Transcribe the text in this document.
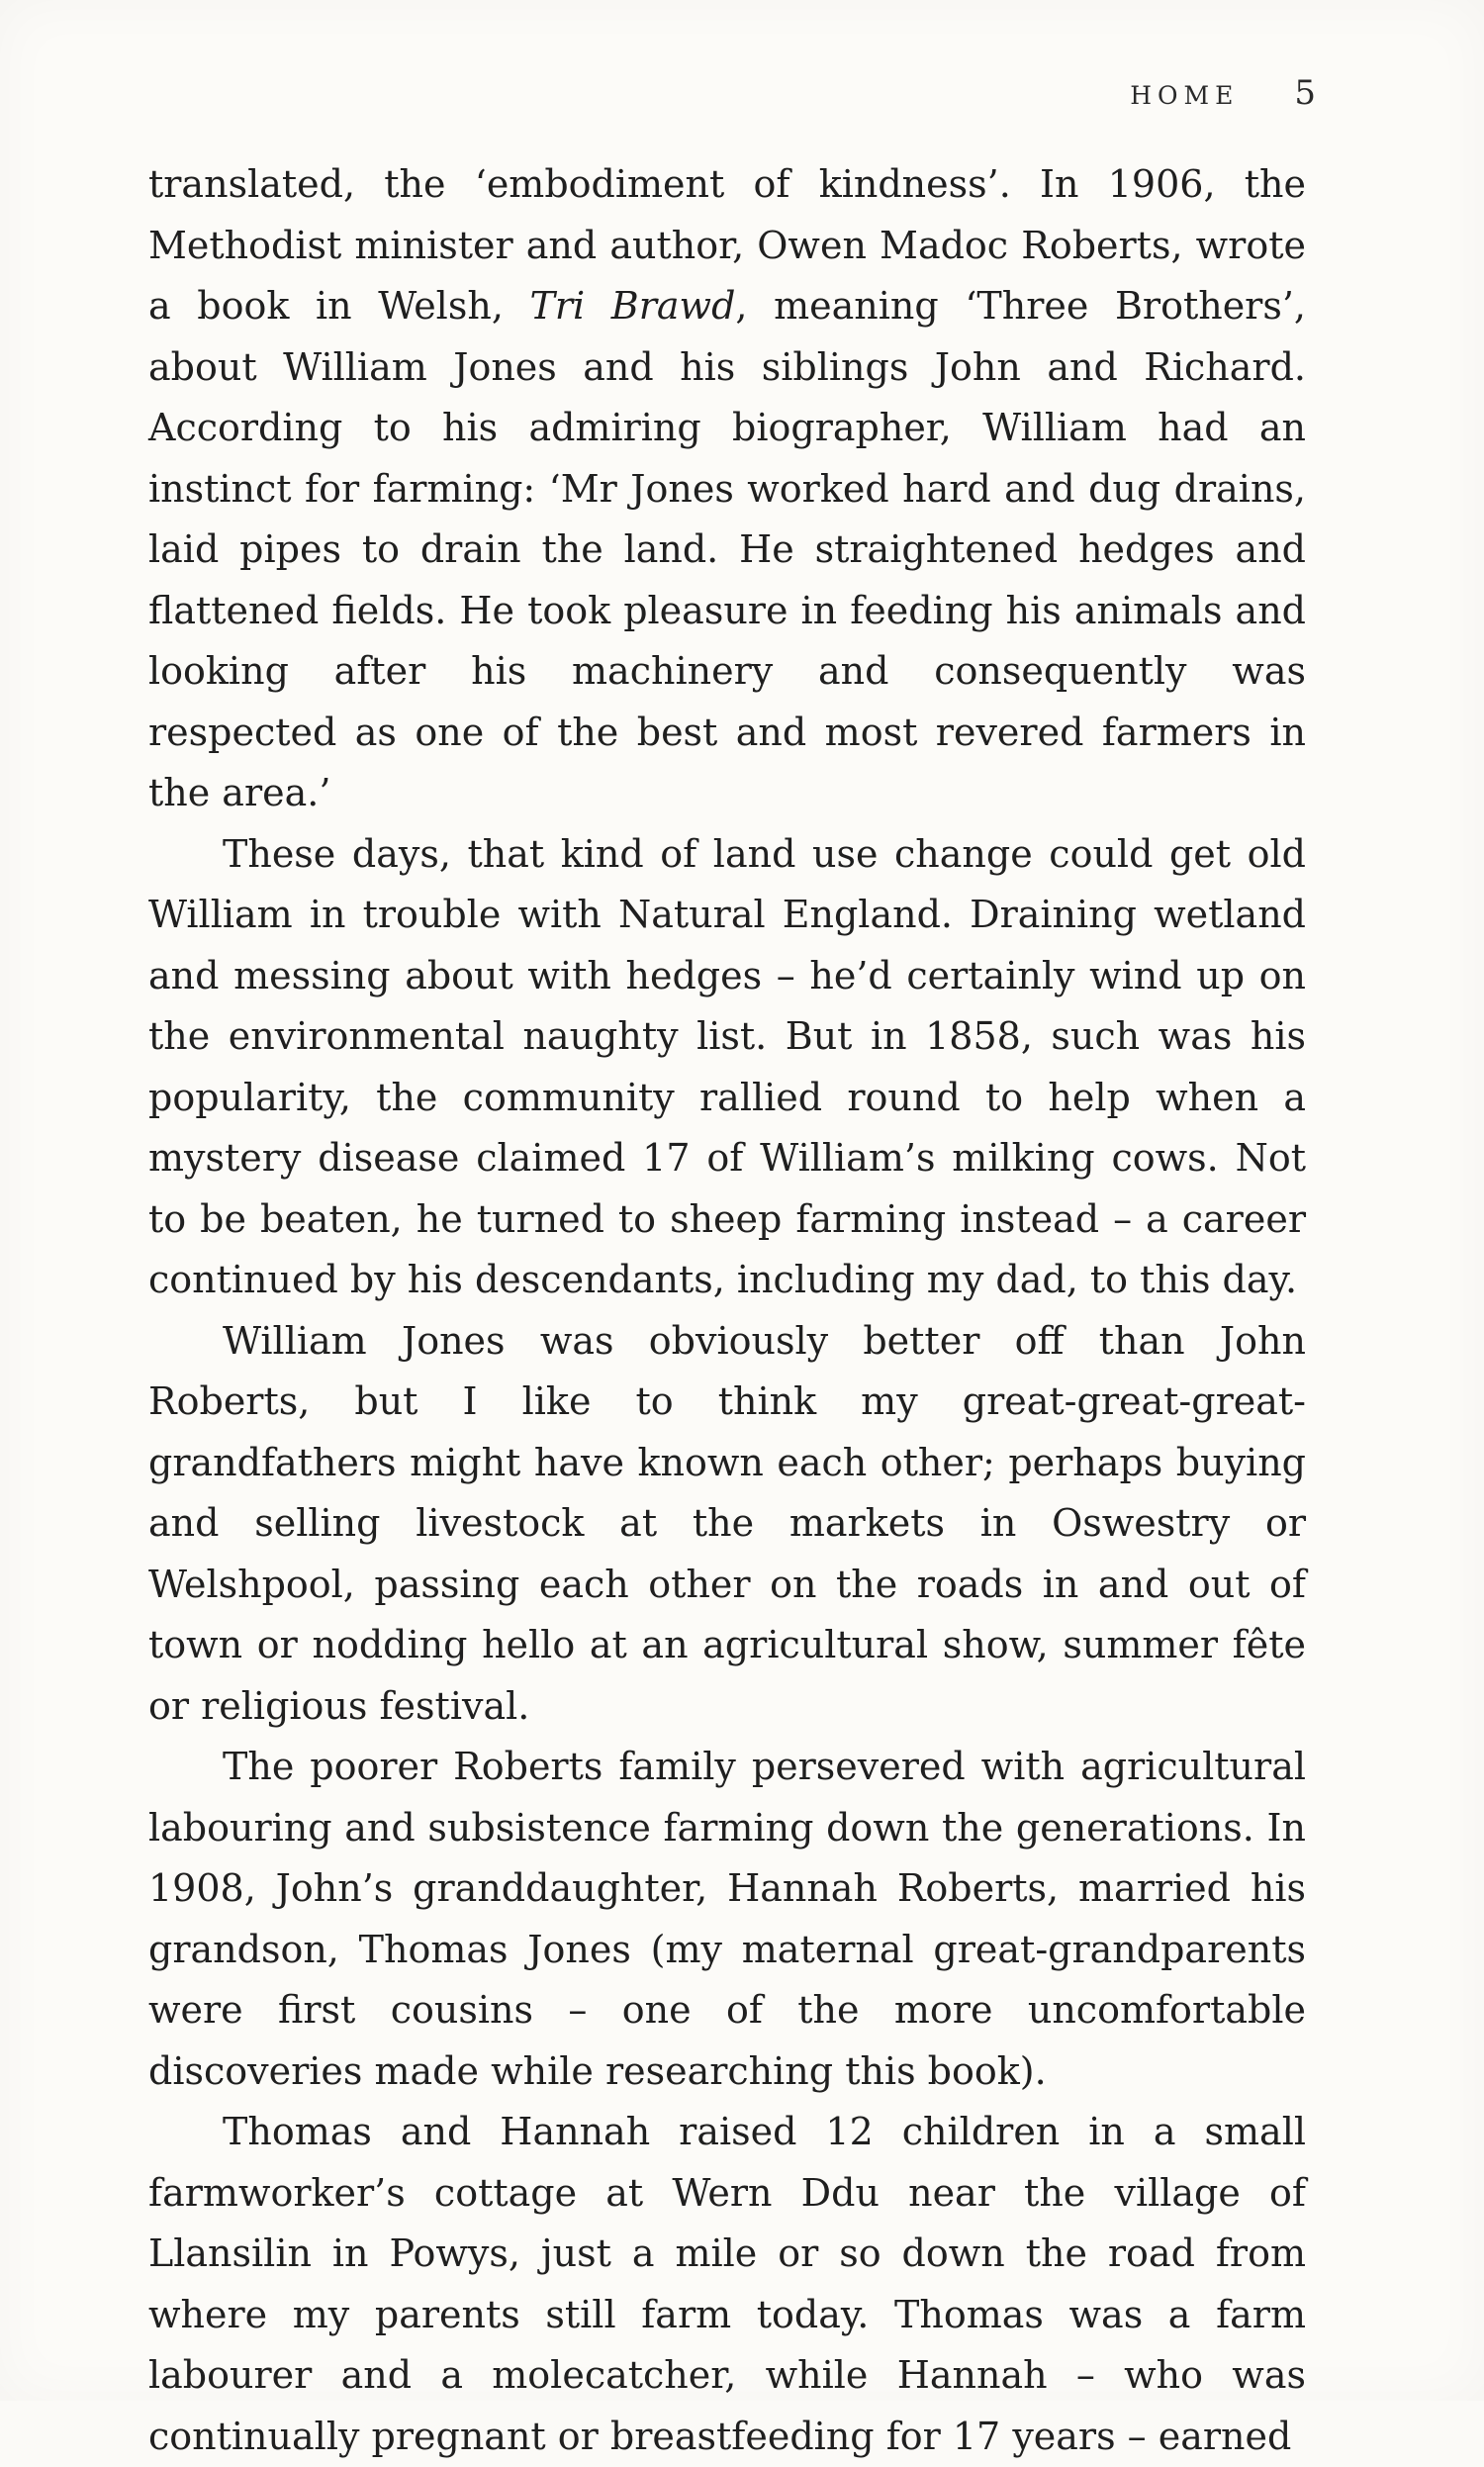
HOME 5

translated, the ‘embodiment of kindness’. In 1906, the Methodist minister and author, Owen Madoc Roberts, wrote a book in Welsh, Tri Brawd, meaning ‘Three Brothers’, about William Jones and his siblings John and Richard. According to his admiring biographer, William had an instinct for farming: ‘Mr Jones worked hard and dug drains, laid pipes to drain the land. He straightened hedges and flattened fields. He took pleasure in feeding his animals and looking after his machinery and consequently was respected as one of the best and most revered farmers in the area.’

These days, that kind of land use change could get old William in trouble with Natural England. Draining wetland and messing about with hedges – he’d certainly wind up on the environmental naughty list. But in 1858, such was his popularity, the community rallied round to help when a mystery disease claimed 17 of William’s milking cows. Not to be beaten, he turned to sheep farming instead – a career continued by his descendants, including my dad, to this day.

William Jones was obviously better off than John Roberts, but I like to think my great-great-great-grandfathers might have known each other; perhaps buying and selling livestock at the markets in Oswestry or Welshpool, passing each other on the roads in and out of town or nodding hello at an agricultural show, summer fête or religious festival.

The poorer Roberts family persevered with agricultural labouring and subsistence farming down the generations. In 1908, John’s granddaughter, Hannah Roberts, married his grandson, Thomas Jones (my maternal great-grandparents were first cousins – one of the more uncomfortable discoveries made while researching this book).

Thomas and Hannah raised 12 children in a small farmworker’s cottage at Wern Ddu near the village of Llansilin in Powys, just a mile or so down the road from where my parents still farm today. Thomas was a farm labourer and a molecatcher, while Hannah – who was continually pregnant or breastfeeding for 17 years – earned
